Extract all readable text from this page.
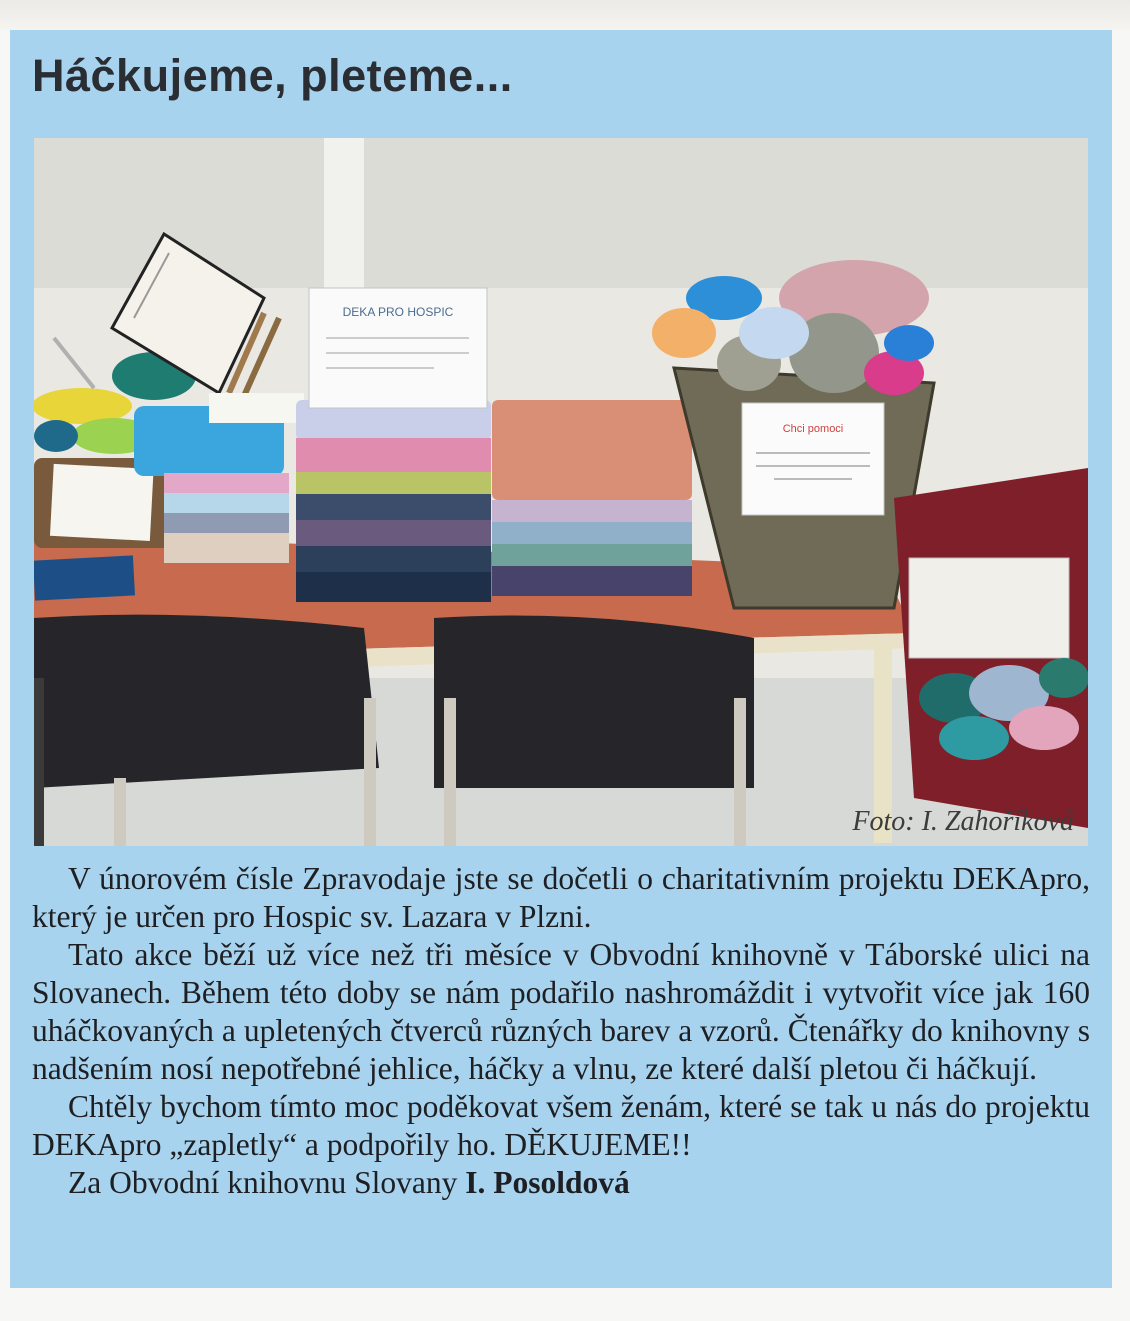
Háčkujeme, pleteme...
DEKA PRO HOSPIC
Chci pomoci
Foto: I. Zahoříková

V únorovém čísle Zpravodaje jste se dočetli o charitativním projektu DEKApro, který je určen pro Hospic sv. Lazara v Plzni.

Tato akce běží už více než tři měsíce v Obvodní knihovně v Táborské ulici na Slovanech. Během této doby se nám podařilo nashromáždit i vytvořit více jak 160 uháčkovaných a upletených čtverců různých barev a vzorů. Čtenářky do knihovny s nadšením nosí nepotřebné jehlice, háčky a vlnu, ze které další pletou či háčkují.

Chtěly bychom tímto moc poděkovat všem ženám, které se tak u nás do projektu DEKApro „zapletly“ a podpořily ho. DĚKUJEME!!

Za Obvodní knihovnu Slovany I. Posoldová
